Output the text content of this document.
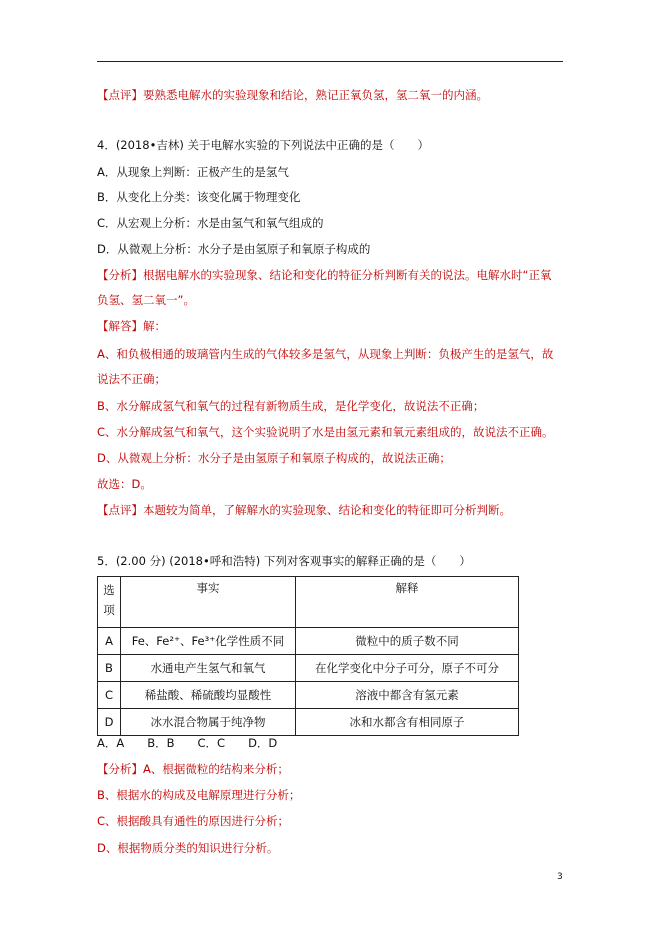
【点评】要熟悉电解水的实验现象和结论，熟记正氧负氢，氢二氧一的内涵。
4．(2018•吉林) 关于电解水实验的下列说法中正确的是（　　）
A．从现象上判断：正极产生的是氢气
B．从变化上分类：该变化属于物理变化
C．从宏观上分析：水是由氢气和氧气组成的
D．从微观上分析：水分子是由氢原子和氧原子构成的
【分析】根据电解水的实验现象、结论和变化的特征分析判断有关的说法。电解水时“正氧
负氢、氢二氧一”。
【解答】解：
A、和负极相通的玻璃管内生成的气体较多是氢气，从现象上判断：负极产生的是氢气，故
说法不正确；
B、水分解成氢气和氧气的过程有新物质生成，是化学变化，故说法不正确；
C、水分解成氢气和氧气，这个实验说明了水是由氢元素和氧元素组成的，故说法不正确。
D、从微观上分析：水分子是由氢原子和氧原子构成的，故说法正确；
故选：D。
【点评】本题较为简单，了解解水的实验现象、结论和变化的特征即可分析判断。
5．(2.00 分) (2018•呼和浩特) 下列对客观事实的解释正确的是（　　）
选
项	事实	解释
A	Fe、Fe²⁺、Fe³⁺化学性质不同	微粒中的质子数不同
B	水通电产生氢气和氧气	在化学变化中分子可分，原子不可分
C	稀盐酸、稀硫酸均显酸性	溶液中都含有氢元素
D	冰水混合物属于纯净物	冰和水都含有相同原子
A．A　　B．B　　C．C　　D．D
【分析】A、根据微粒的结构来分析；
B、根据水的构成及电解原理进行分析；
C、根据酸具有通性的原因进行分析；
D、根据物质分类的知识进行分析。
3
